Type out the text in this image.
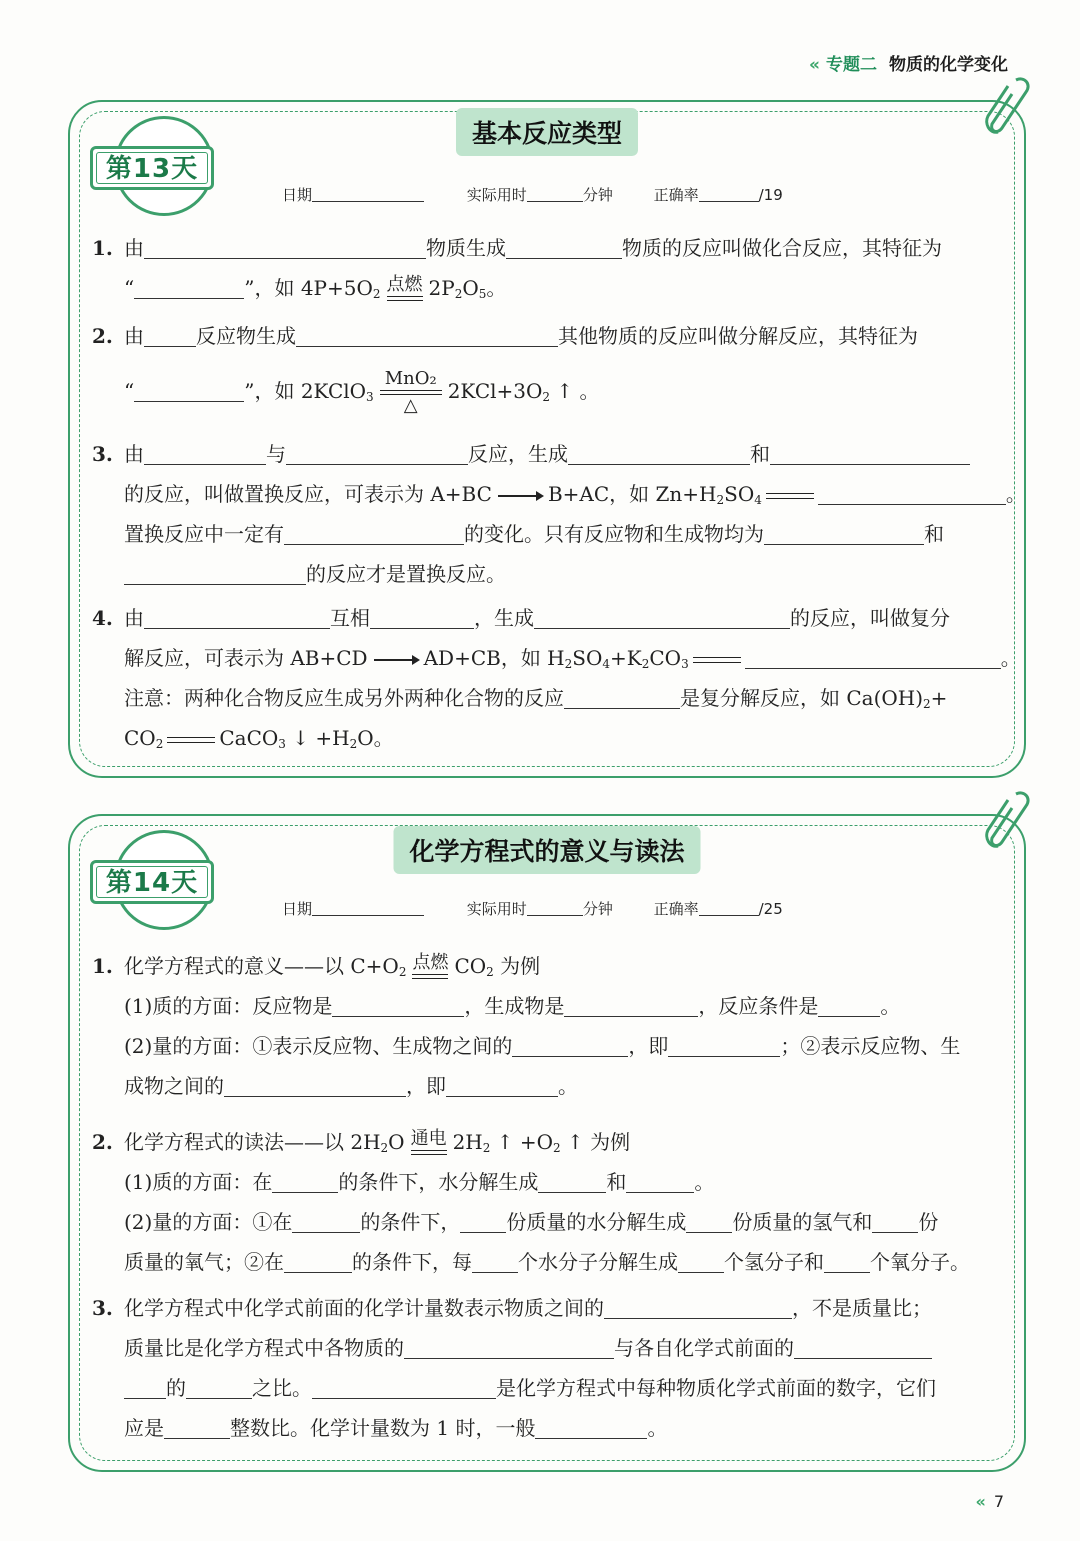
« 专题二 物质的化学变化
基本反应类型
第13天
日期	实际用时	分钟	正确率	/19
1. 由	物质生成	物质的反应叫做化合反应，其特征为
“	”，如 $4P+5O_2$ 点燃 $2P_2O_5$。
2. 由	反应物生成	其他物质的反应叫做分解反应，其特征为
“	”，如 2KClO$_3$
MnO₂
△
$2KCl+3O_2$ ↑ 。
3. 由	与	反应，生成	和
的反应，叫做置换反应，可表示为 A+BC	B+AC，如 $Zn+H_2SO_4$	。
置换反应中一定有	的变化。只有反应物和生成物均为	和
的反应才是置换反应。
4. 由	互相	，生成	的反应，叫做复分
解反应，可表示为 AB+CD	AD+CB，如 $H_2SO_4+K_2CO_3$	。
注意：两种化合物反应生成另外两种化合物的反应	是复分解反应，如 $Ca(OH)_2+$
$CO_2$	CaCO$_3$ ↓ $+H_2O$。
化学方程式的意义与读法
第14天
日期	实际用时	分钟	正确率	/25
1. 化学方程式的意义——以 $C+O_2$ 点燃 $CO_2$ 为例
(1)质的方面：反应物是	，生成物是	，反应条件是	。
(2)量的方面：①表示反应物、生成物之间的	，即	；②表示反应物、生
成物之间的	，即	。
2. 化学方程式的读法——以 $2H_2O$ 通电 $2H_2$ ↑ $+O_2$ ↑ 为例
(1)质的方面：在	的条件下，水分解生成	和	。
(2)量的方面：①在	的条件下， 份质量的水分解生成 份质量的氢气和 份
质量的氧气；②在	的条件下，每 个水分子分解生成 个氢分子和 个氧分子。
3. 化学方程式中化学式前面的化学计量数表示物质之间的	，不是质量比；
质量比是化学方程式中各物质的	与各自化学式前面的
的	之比。	是化学方程式中每种物质化学式前面的数字，它们
应是	整数比。化学计量数为 1 时，一般	。
« 7
